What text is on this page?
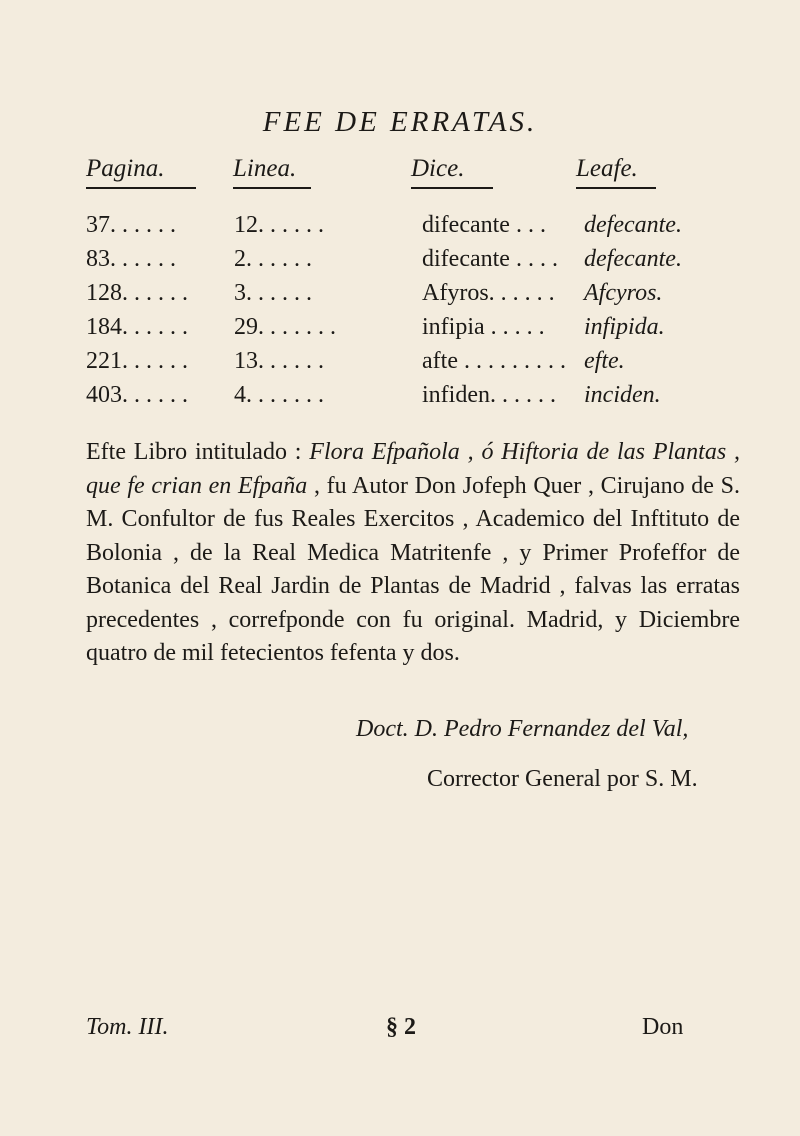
FEE DE ERRATAS.
Pagina.	Linea.	Dice.	Leafe.
37. . . . . . 12. . . . . .	difecante . . . defecante.
83. . . . . . 2. . . . . .	difecante . . . . defecante.
128. . . . . . 3. . . . . .	Afyros. . . . . . Afcyros.
184. . . . . . 29. . . . . . .	infipia . . . . . infipida.
221. . . . . . 13. . . . . .	afte . . . . . . . . . efte.
403. . . . . . 4. . . . . . .	infiden. . . . . . inciden.

Efte Libro intitulado : Flora Efpañola , ó Hiftoria de las Plantas , que fe crian en Efpaña , fu Autor Don Jofeph Quer , Cirujano de S. M. Confultor de fus Reales Exercitos , Academico del Inftituto de Bolonia , de la Real Medica Matritenfe , y Primer Profeffor de Botanica del Real Jardin de Plantas de Madrid , falvas las erratas precedentes , correfponde con fu original. Madrid, y Diciembre quatro de mil fetecientos fefenta y dos.

Doct. D. Pedro Fernandez del Val,
Corrector General por S. M.
Tom. III.	§ 2	Don
